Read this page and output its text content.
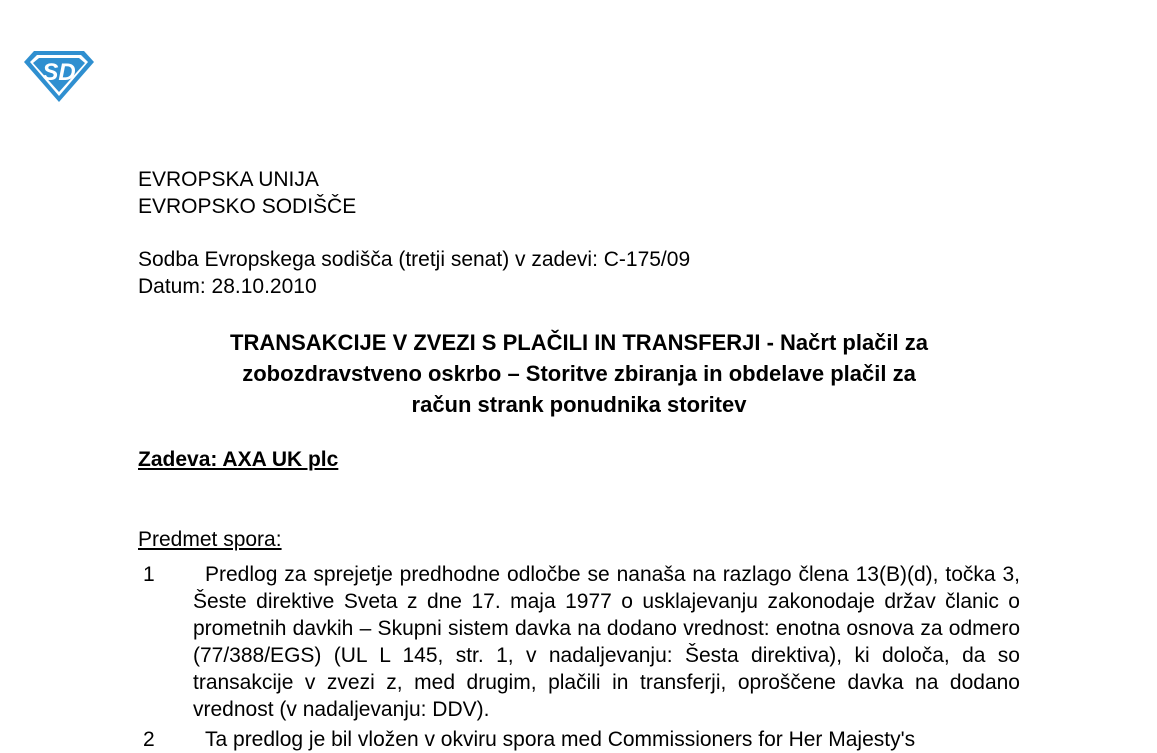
SD
EVROPSKA UNIJA
EVROPSKO SODIŠČE
Sodba Evropskega sodišča (tretji senat) v zadevi: C-175/09
Datum: 28.10.2010
TRANSAKCIJE V ZVEZI S PLAČILI IN TRANSFERJI - Načrt plačil za
zobozdravstveno oskrbo – Storitve zbiranja in obdelave plačil za
račun strank ponudnika storitev
Zadeva: AXA UK plc
Predmet spora:
1	Predlog za sprejetje predhodne odločbe se nanaša na razlago člena 13(B)(d), točka 3, Šeste direktive Sveta z dne 17. maja 1977 o usklajevanju zakonodaje držav članic o prometnih davkih – Skupni sistem davka na dodano vrednost: enotna osnova za odmero (77/388/EGS) (UL L 145, str. 1, v nadaljevanju: Šesta direktiva), ki določa, da so transakcije v zvezi z, med drugim, plačili in transferji, oproščene davka na dodano vrednost (v nadaljevanju: DDV).
2	Ta predlog je bil vložen v okviru spora med Commissioners for Her Majesty's
